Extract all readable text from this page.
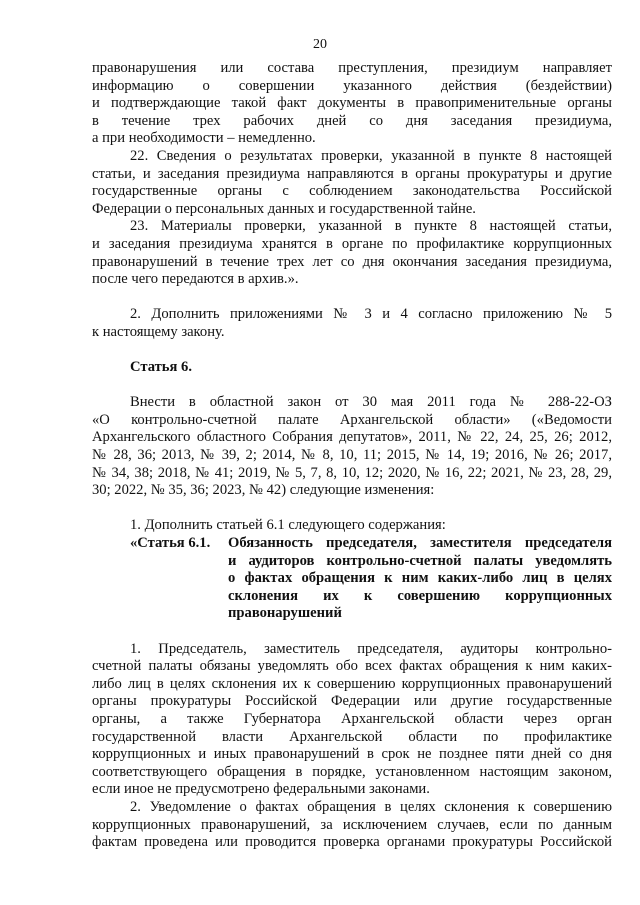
20
правонарушения или состава преступления, президиум направляет
информацию о совершении указанного действия (бездействии)
и подтверждающие такой факт документы в правоприменительные органы
в течение трех рабочих дней со дня заседания президиума,
а при необходимости – немедленно.
22. Сведения о результатах проверки, указанной в пункте 8 настоящей
статьи, и заседания президиума направляются в органы прокуратуры и другие
государственные органы с соблюдением законодательства Российской
Федерации о персональных данных и государственной тайне.
23. Материалы проверки, указанной в пункте 8 настоящей статьи,
и заседания президиума хранятся в органе по профилактике коррупционных
правонарушений в течение трех лет со дня окончания заседания президиума,
после чего передаются в архив.».
2. Дополнить приложениями № 3 и 4 согласно приложению № 5
к настоящему закону.
Статья 6.
Внести в областной закон от 30 мая 2011 года № 288-22-ОЗ
«О контрольно-счетной палате Архангельской области» («Ведомости
Архангельского областного Собрания депутатов», 2011, № 22, 24, 25, 26; 2012,
№ 28, 36; 2013, № 39, 2; 2014, № 8, 10, 11; 2015, № 14, 19; 2016, № 26; 2017,
№ 34, 38; 2018, № 41; 2019, № 5, 7, 8, 10, 12; 2020, № 16, 22; 2021, № 23, 28, 29,
30; 2022, № 35, 36; 2023, № 42) следующие изменения:
1. Дополнить статьей 6.1 следующего содержания:
«Статья 6.1.	Обязанность председателя, заместителя председателя
и аудиторов контрольно-счетной палаты уведомлять
о фактах обращения к ним каких-либо лиц в целях
склонения их к совершению коррупционных
правонарушений
1. Председатель, заместитель председателя, аудиторы контрольно-
счетной палаты обязаны уведомлять обо всех фактах обращения к ним каких-
либо лиц в целях склонения их к совершению коррупционных правонарушений
органы прокуратуры Российской Федерации или другие государственные
органы, а также Губернатора Архангельской области через орган
государственной власти Архангельской области по профилактике
коррупционных и иных правонарушений в срок не позднее пяти дней со дня
соответствующего обращения в порядке, установленном настоящим законом,
если иное не предусмотрено федеральными законами.
2. Уведомление о фактах обращения в целях склонения к совершению
коррупционных правонарушений, за исключением случаев, если по данным
фактам проведена или проводится проверка органами прокуратуры Российской
